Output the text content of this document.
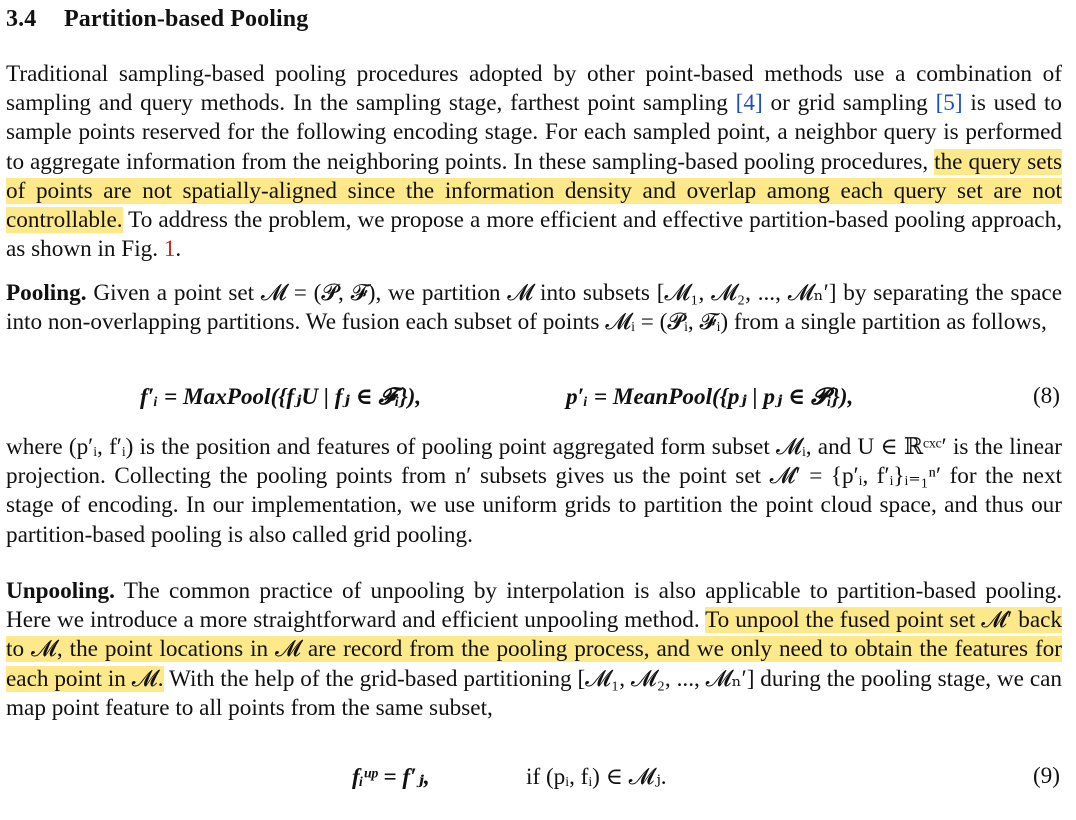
3.4 Partition-based Pooling
Traditional sampling-based pooling procedures adopted by other point-based methods use a combination of sampling and query methods. In the sampling stage, farthest point sampling [4] or grid sampling [5] is used to sample points reserved for the following encoding stage. For each sampled point, a neighbor query is performed to aggregate information from the neighboring points. In these sampling-based pooling procedures, the query sets of points are not spatially-aligned since the information density and overlap among each query set are not controllable. To address the problem, we propose a more efficient and effective partition-based pooling approach, as shown in Fig. 1.
Pooling. Given a point set 𝓜 = (𝓟, 𝓕), we partition 𝓜 into subsets [𝓜₁, 𝓜₂, ..., 𝓜ₙ′] by separating the space into non-overlapping partitions. We fusion each subset of points 𝓜ᵢ = (𝓟ᵢ, 𝓕ᵢ) from a single partition as follows,
f′ᵢ = MaxPool({fⱼU | fⱼ ∈ 𝓕ᵢ}),	p′ᵢ = MeanPool({pⱼ | pⱼ ∈ 𝓟ᵢ}),	(8)
where (p′ᵢ, f′ᵢ) is the position and features of pooling point aggregated form subset 𝓜ᵢ, and U ∈ ℝᶜˣᶜ′ is the linear projection. Collecting the pooling points from n′ subsets gives us the point set 𝓜′ = {p′ᵢ, f′ᵢ}ᵢ₌₁ⁿ′ for the next stage of encoding. In our implementation, we use uniform grids to partition the point cloud space, and thus our partition-based pooling is also called grid pooling.
Unpooling. The common practice of unpooling by interpolation is also applicable to partition-based pooling. Here we introduce a more straightforward and efficient unpooling method. To unpool the fused point set 𝓜′ back to 𝓜, the point locations in 𝓜 are record from the pooling process, and we only need to obtain the features for each point in 𝓜. With the help of the grid-based partitioning [𝓜₁, 𝓜₂, ..., 𝓜ₙ′] during the pooling stage, we can map point feature to all points from the same subset,
fᵢᵘᵖ = f′ⱼ,	if (pᵢ, fᵢ) ∈ 𝓜ⱼ.	(9)
